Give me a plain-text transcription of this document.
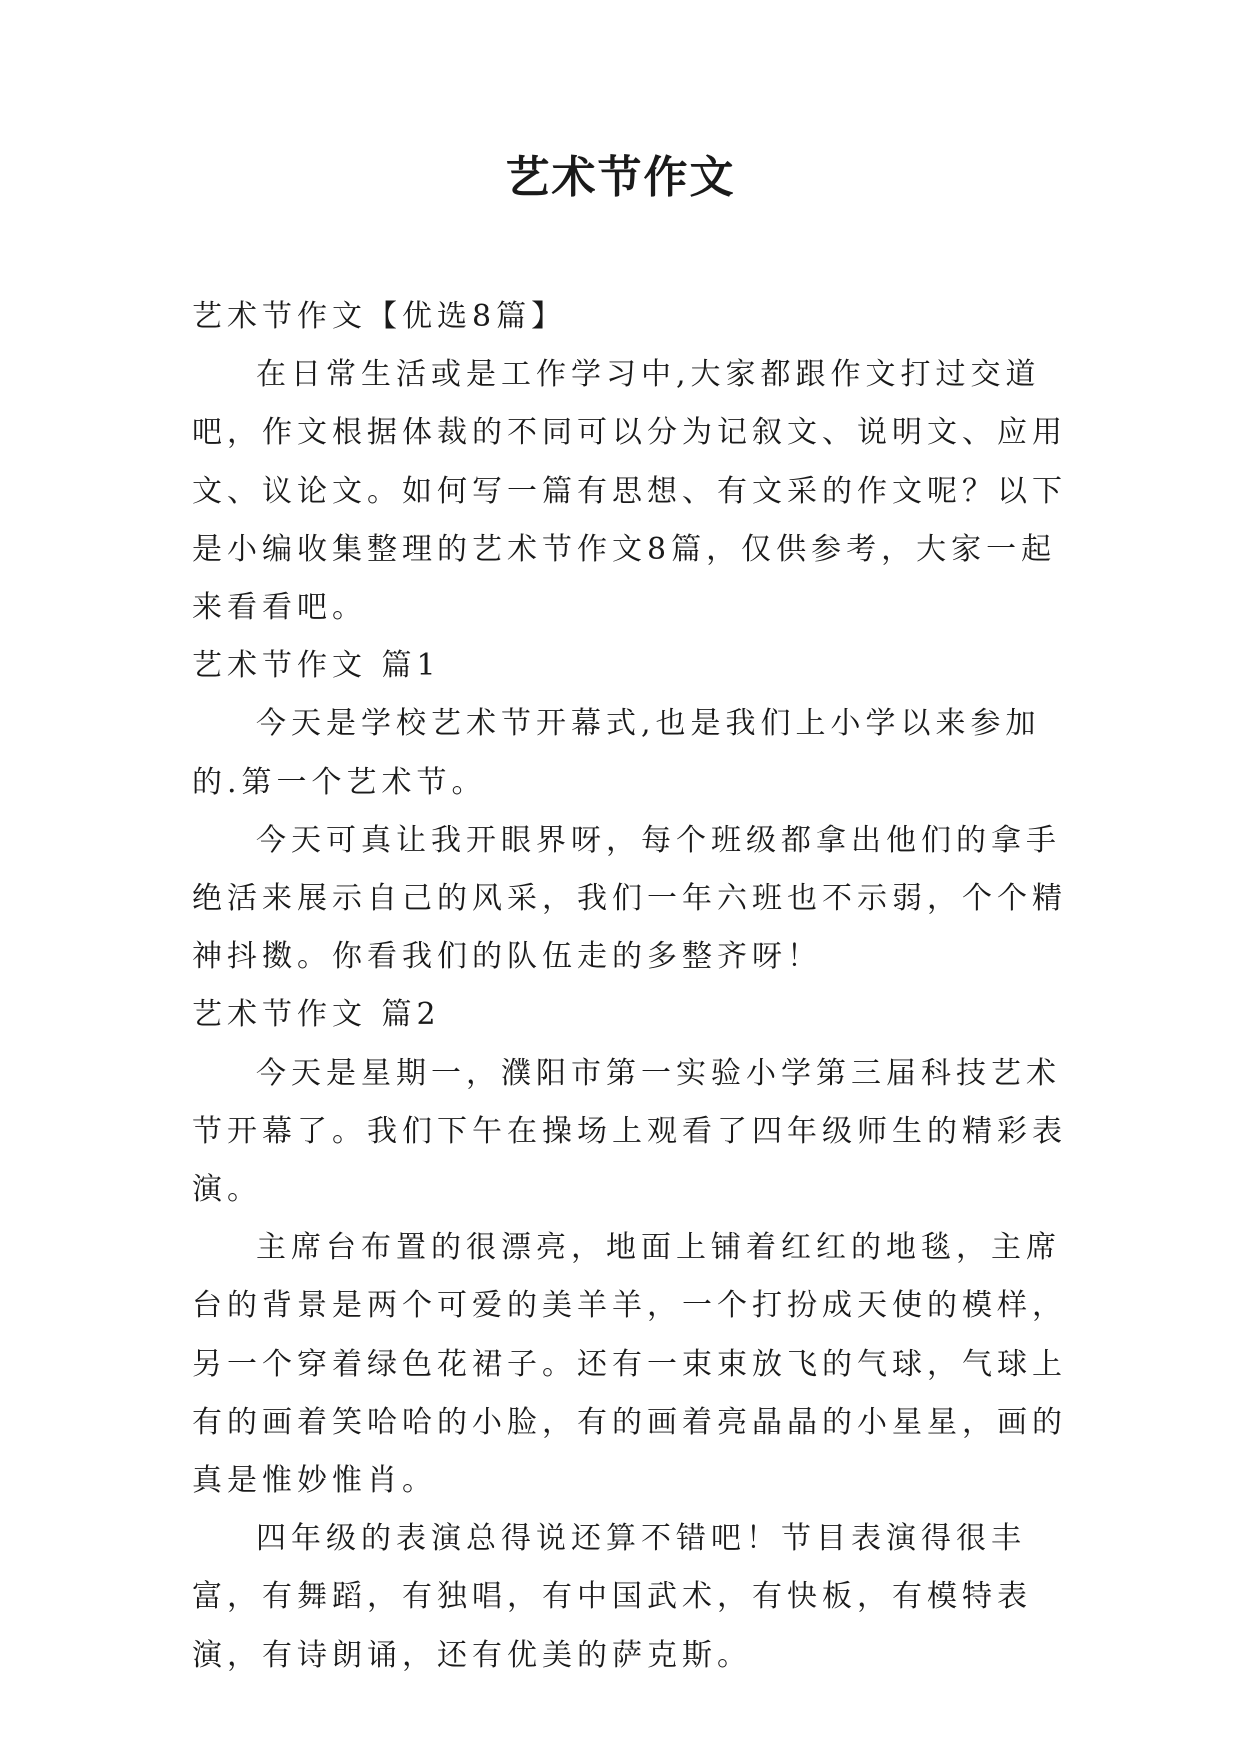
艺术节作文

艺术节作文【优选8篇】

在日常生活或是工作学习中,大家都跟作文打过交道吧，作文根据体裁的不同可以分为记叙文、说明文、应用文、议论文。如何写一篇有思想、有文采的作文呢？以下是小编收集整理的艺术节作文8篇，仅供参考，大家一起来看看吧。

艺术节作文 篇1

今天是学校艺术节开幕式,也是我们上小学以来参加的.第一个艺术节。

今天可真让我开眼界呀，每个班级都拿出他们的拿手绝活来展示自己的风采，我们一年六班也不示弱，个个精神抖擞。你看我们的队伍走的多整齐呀！

艺术节作文 篇2

今天是星期一，濮阳市第一实验小学第三届科技艺术节开幕了。我们下午在操场上观看了四年级师生的精彩表演。

主席台布置的很漂亮，地面上铺着红红的地毯，主席台的背景是两个可爱的美羊羊，一个打扮成天使的模样，另一个穿着绿色花裙子。还有一束束放飞的气球，气球上有的画着笑哈哈的小脸，有的画着亮晶晶的小星星，画的真是惟妙惟肖。

四年级的表演总得说还算不错吧！节目表演得很丰富，有舞蹈，有独唱，有中国武术，有快板，有模特表演，有诗朗诵，还有优美的萨克斯。
